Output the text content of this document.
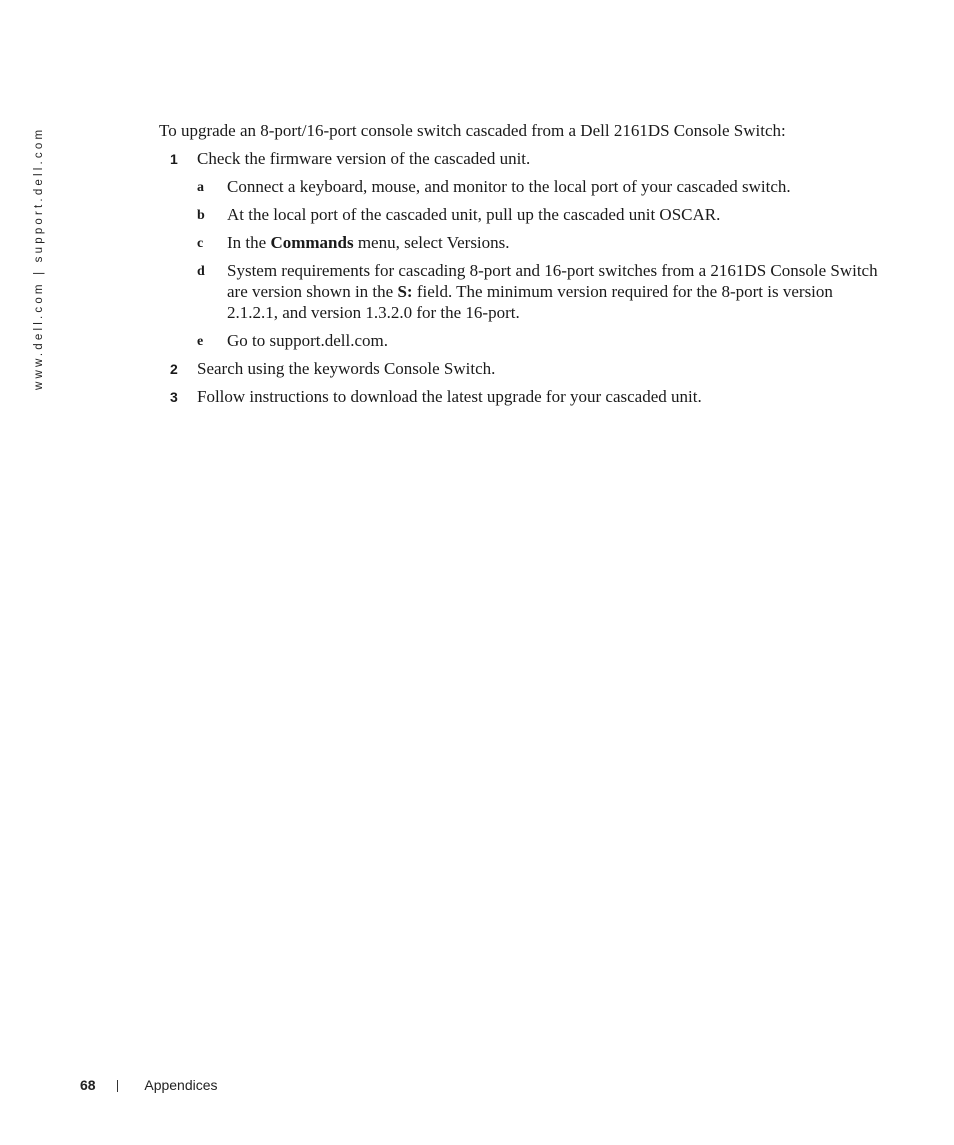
www.dell.com | support.dell.com	To upgrade an 8-port/16-port console switch cascaded from a Dell 2161DS Console Switch:

1 Check the firmware version of the cascaded unit.
a Connect a keyboard, mouse, and monitor to the local port of your cascaded switch.
b At the local port of the cascaded unit, pull up the cascaded unit OSCAR.
c In the Commands menu, select Versions.
d System requirements for cascading 8-port and 16-port switches from a 2161DS Console Switch are version shown in the S: field. The minimum version required for the 8-port is version 2.1.2.1, and version 1.3.2.0 for the 16-port.
e Go to support.dell.com.
2 Search using the keywords Console Switch.
3 Follow instructions to download the latest upgrade for your cascaded unit.
68	Appendices
